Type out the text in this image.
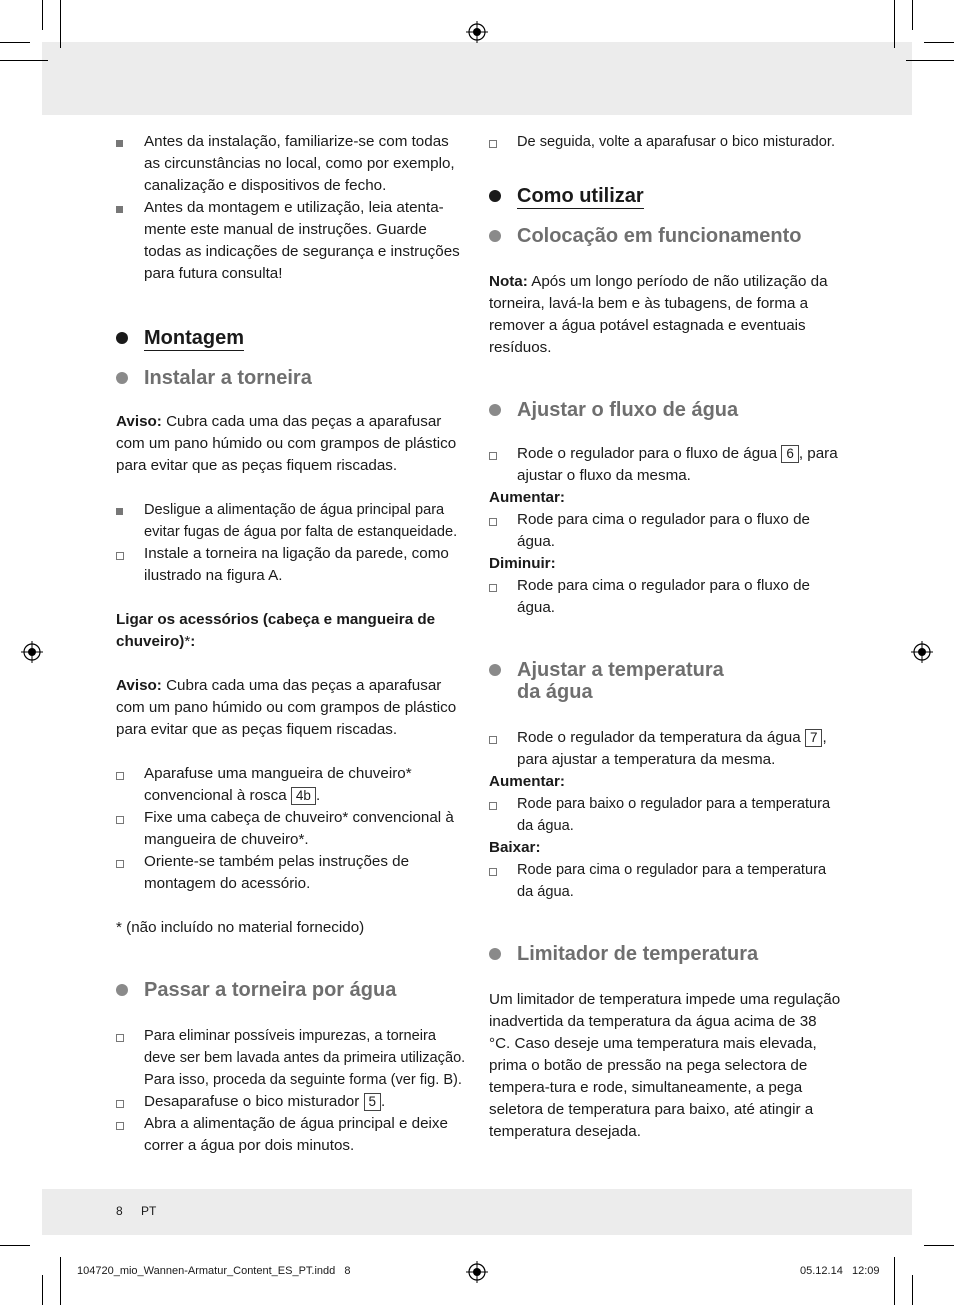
Antes da instalação, familiarize-se com todas as circunstâncias no local, como por exemplo, canalização e dispositivos de fecho.
Antes da montagem e utilização, leia atenta-mente este manual de instruções. Guarde todas as indicações de segurança e instruções para futura consulta!
Montagem
Instalar a torneira
Aviso: Cubra cada uma das peças a aparafusar com um pano húmido ou com grampos de plástico para evitar que as peças fiquem riscadas.
Desligue a alimentação de água principal para evitar fugas de água por falta de estanqueidade.
Instale a torneira na ligação da parede, como ilustrado na figura A.
Ligar os acessórios (cabeça e mangueira de chuveiro)*:
Aviso: Cubra cada uma das peças a aparafusar com um pano húmido ou com grampos de plástico para evitar que as peças fiquem riscadas.
Aparafuse uma mangueira de chuveiro* convencional à rosca 4b .
Fixe uma cabeça de chuveiro* convencional à mangueira de chuveiro*.
Oriente-se também pelas instruções de montagem do acessório.
* (não incluído no material fornecido)
Passar a torneira por água
Para eliminar possíveis impurezas, a torneira deve ser bem lavada antes da primeira utilização. Para isso, proceda da seguinte forma (ver fig. B).
Desaparafuse o bico misturador 5 .
Abra a alimentação de água principal e deixe correr a água por dois minutos.
De seguida, volte a aparafusar o bico misturador.
Como utilizar
Colocação em funcionamento
Nota: Após um longo período de não utilização da torneira, lavá-la bem e às tubagens, de forma a remover a água potável estagnada e eventuais resíduos.
Ajustar o fluxo de água
Rode o regulador para o fluxo de água 6 , para ajustar o fluxo da mesma.
Aumentar:
Rode para cima o regulador para o fluxo de água.
Diminuir:
Rode para cima o regulador para o fluxo de água.
Ajustar a temperatura
da água
Rode o regulador da temperatura da água 7 , para ajustar a temperatura da mesma.
Aumentar:
Rode para baixo o regulador para a temperatura da água.
Baixar:
Rode para cima o regulador para a temperatura da água.
Limitador de temperatura
Um limitador de temperatura impede uma regulação inadvertida da temperatura da água acima de 38 °C. Caso deseje uma temperatura mais elevada, prima o botão de pressão na pega selectora de tempera-tura e rode, simultaneamente, a pega seletora de temperatura para baixo, até atingir a temperatura desejada.
8 PT
104720_mio_Wannen-Armatur_Content_ES_PT.indd   8	05.12.14   12:09
